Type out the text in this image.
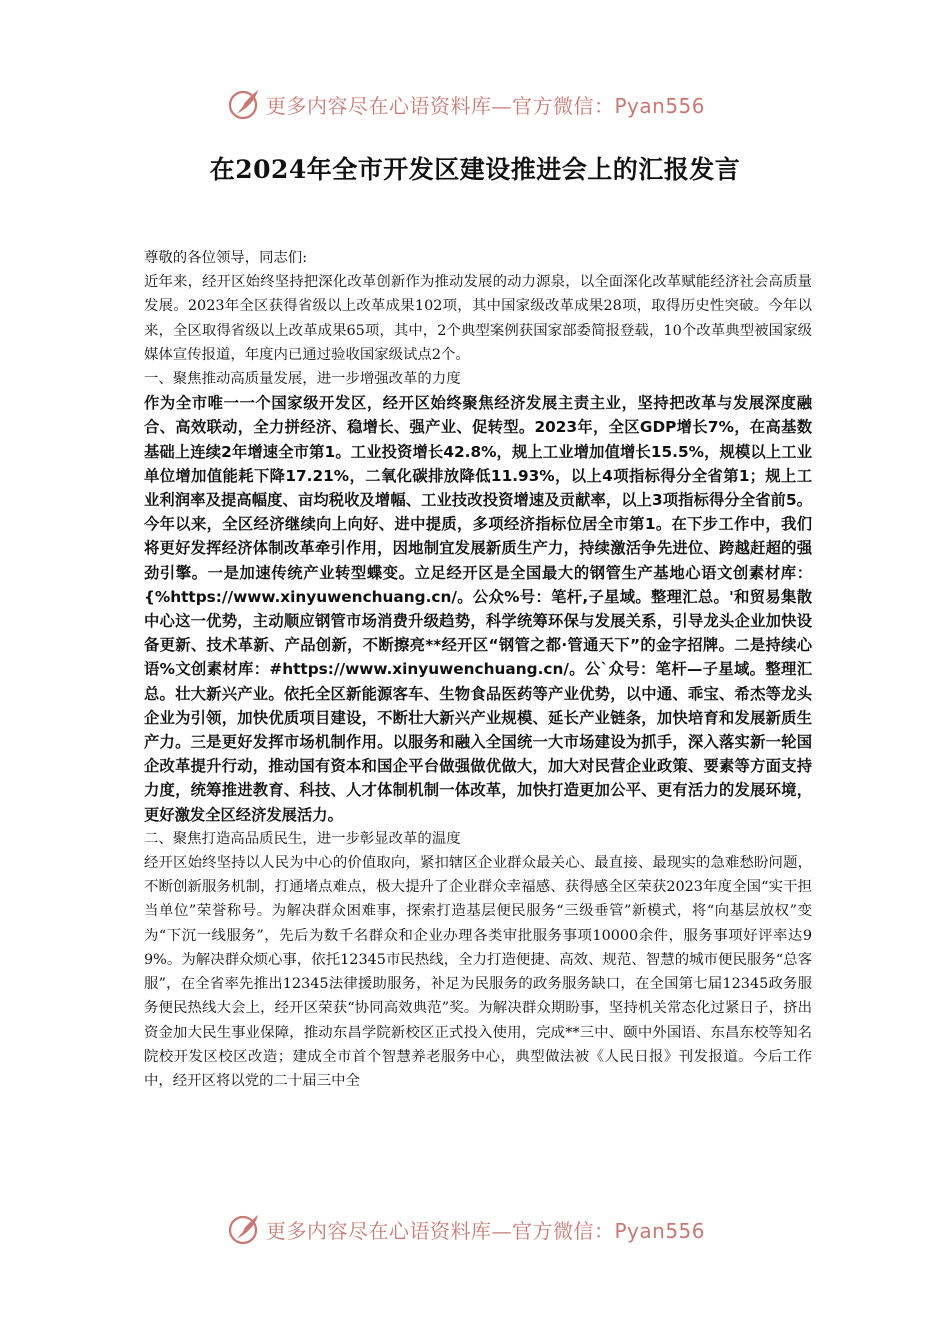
更多内容尽在心语资料库—官方微信：Pyan556
在2024年全市开发区建设推进会上的汇报发言

尊敬的各位领导，同志们:

近年来，经开区始终坚持把深化改革创新作为推动发展的动力源泉，以全面深化改革赋能经济社会高质量发展。2023年全区获得省级以上改革成果102项，其中国家级改革成果28项，取得历史性突破。今年以来，全区取得省级以上改革成果65项，其中，2个典型案例获国家部委简报登载，10个改革典型被国家级媒体宣传报道，年度内已通过验收国家级试点2个。

一、聚焦推动高质量发展，进一步增强改革的力度

作为全市唯一一个国家级开发区，经开区始终聚焦经济发展主责主业，坚持把改革与发展深度融合、高效联动，全力拼经济、稳增长、强产业、促转型。2023年，全区GDP增长7%，在高基数基础上连续2年增速全市第1。工业投资增长42.8%，规上工业增加值增长15.5%，规模以上工业单位增加值能耗下降17.21%，二氧化碳排放降低11.93%，以上4项指标得分全省第1；规上工业利润率及提高幅度、亩均税收及增幅、工业技改投资增速及贡献率，以上3项指标得分全省前5。今年以来，全区经济继续向上向好、进中提质，多项经济指标位居全市第1。在下步工作中，我们将更好发挥经济体制改革牵引作用，因地制宜发展新质生产力，持续激活争先进位、跨越赶超的强劲引擎。一是加速传统产业转型蝶变。立足经开区是全国最大的钢管生产基地心语文创素材库：{%https://www.xinyuwenchuang.cn/。公众%号：笔杆,子星域。整理汇总。'和贸易集散中心这一优势，主动顺应钢管市场消费升级趋势，科学统筹环保与发展关系，引导龙头企业加快设备更新、技术革新、产品创新，不断擦亮**经开区“钢管之都·管通天下”的金字招牌。二是持续心语%文创素材库：#https://www.xinyuwenchuang.cn/。公`众号：笔杆—子星域。整理汇总。壮大新兴产业。依托全区新能源客车、生物食品医药等产业优势，以中通、乖宝、希杰等龙头企业为引领，加快优质项目建设，不断壮大新兴产业规模、延长产业链条，加快培育和发展新质生产力。三是更好发挥市场机制作用。以服务和融入全国统一大市场建设为抓手，深入落实新一轮国企改革提升行动，推动国有资本和国企平台做强做优做大，加大对民营企业政策、要素等方面支持力度，统筹推进教育、科技、人才体制机制一体改革，加快打造更加公平、更有活力的发展环境，更好激发全区经济发展活力。

二、聚焦打造高品质民生，进一步彰显改革的温度

经开区始终坚持以人民为中心的价值取向，紧扣辖区企业群众最关心、最直接、最现实的急难愁盼问题，不断创新服务机制，打通堵点难点，极大提升了企业群众幸福感、获得感全区荣获2023年度全国“实干担当单位”荣誉称号。为解决群众困难事，探索打造基层便民服务“三级垂管”新模式，将“向基层放权”变为“下沉一线服务”，先后为数千名群众和企业办理各类审批服务事项10000余件，服务事项好评率达99%。为解决群众烦心事，依托12345市民热线，全力打造便捷、高效、规范、智慧的城市便民服务“总客服”，在全省率先推出12345法律援助服务，补足为民服务的政务服务缺口，在全国第七届12345政务服务便民热线大会上，经开区荣获“协同高效典范”奖。为解决群众期盼事，坚持机关常态化过紧日子，挤出资金加大民生事业保障，推动东昌学院新校区正式投入使用，完成**三中、颐中外国语、东昌东校等知名院校开发区校区改造；建成全市首个智慧养老服务中心，典型做法被《人民日报》刊发报道。今后工作中，经开区将以党的二十届三中全

更多内容尽在心语资料库—官方微信：Pyan556
